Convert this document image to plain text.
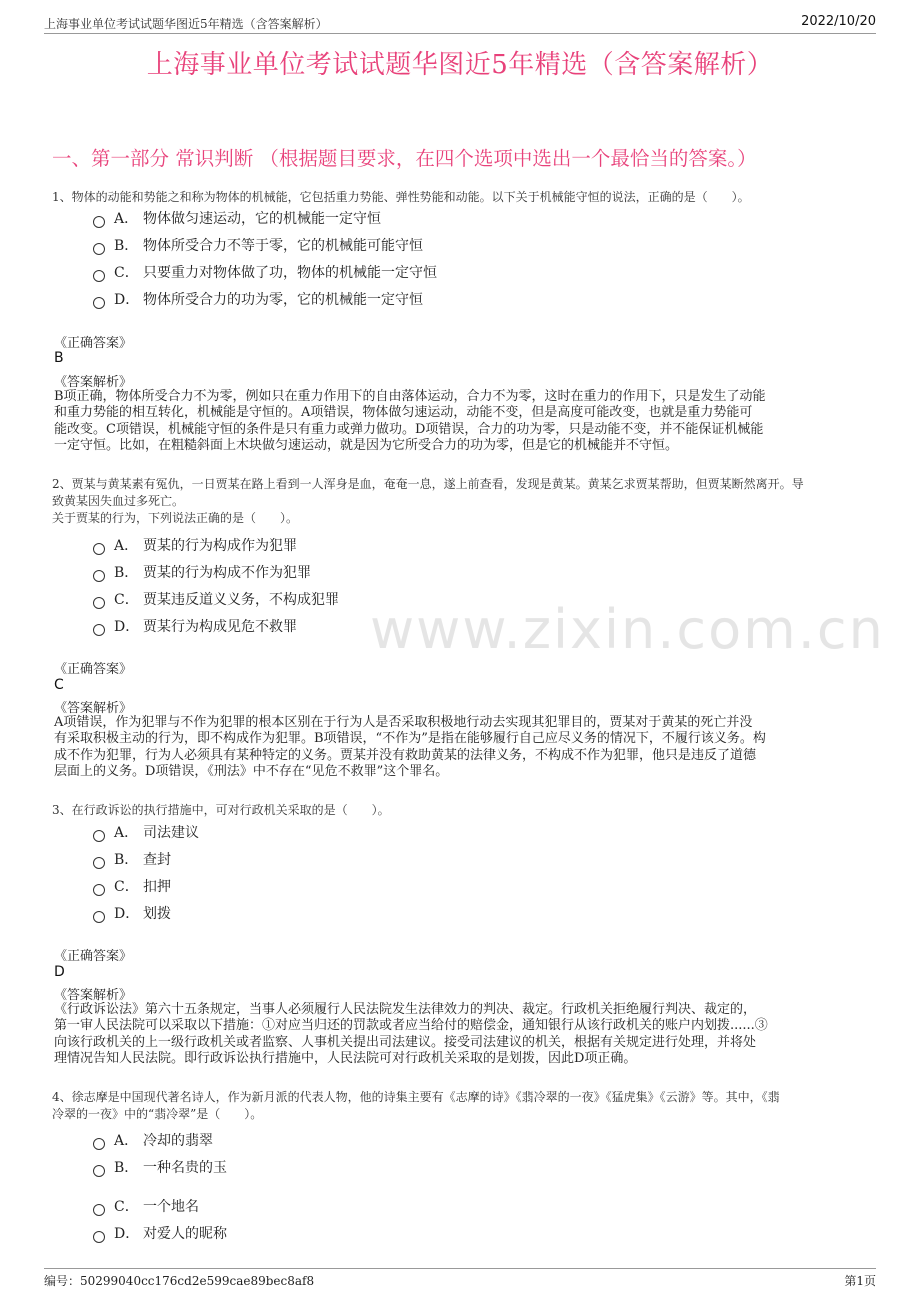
上海事业单位考试试题华图近5年精选（含答案解析）	2022/10/20
上海事业单位考试试题华图近5年精选（含答案解析）
一、第一部分 常识判断 （根据题目要求，在四个选项中选出一个最恰当的答案。）
www.zixin.com.cn
1、物体的动能和势能之和称为物体的机械能，它包括重力势能、弹性势能和动能。以下关于机械能守恒的说法，正确的是（　　）。
A． 物体做匀速运动，它的机械能一定守恒
B． 物体所受合力不等于零，它的机械能可能守恒
C． 只要重力对物体做了功，物体的机械能一定守恒
D． 物体所受合力的功为零，它的机械能一定守恒
《正确答案》
B
《答案解析》
B项正确，物体所受合力不为零，例如只在重力作用下的自由落体运动，合力不为零，这时在重力的作用下，只是发生了动能
和重力势能的相互转化，机械能是守恒的。A项错误，物体做匀速运动，动能不变，但是高度可能改变，也就是重力势能可
能改变。C项错误，机械能守恒的条件是只有重力或弹力做功。D项错误，合力的功为零，只是动能不变，并不能保证机械能
一定守恒。比如，在粗糙斜面上木块做匀速运动，就是因为它所受合力的功为零，但是它的机械能并不守恒。
2、贾某与黄某素有冤仇，一日贾某在路上看到一人浑身是血，奄奄一息，遂上前查看，发现是黄某。黄某乞求贾某帮助，但贾某断然离开。导
致黄某因失血过多死亡。
关于贾某的行为，下列说法正确的是（　　）。
A． 贾某的行为构成作为犯罪
B． 贾某的行为构成不作为犯罪
C． 贾某违反道义义务，不构成犯罪
D． 贾某行为构成见危不救罪
《正确答案》
C
《答案解析》
A项错误，作为犯罪与不作为犯罪的根本区别在于行为人是否采取积极地行动去实现其犯罪目的，贾某对于黄某的死亡并没
有采取积极主动的行为，即不构成作为犯罪。B项错误，“不作为”是指在能够履行自己应尽义务的情况下，不履行该义务。构
成不作为犯罪，行为人必须具有某种特定的义务。贾某并没有救助黄某的法律义务，不构成不作为犯罪，他只是违反了道德
层面上的义务。D项错误，《刑法》中不存在“见危不救罪”这个罪名。
3、在行政诉讼的执行措施中，可对行政机关采取的是（　　）。
A． 司法建议
B． 查封
C． 扣押
D． 划拨
《正确答案》
D
《答案解析》
《行政诉讼法》第六十五条规定，当事人必须履行人民法院发生法律效力的判决、裁定。行政机关拒绝履行判决、裁定的，
第一审人民法院可以采取以下措施：①对应当归还的罚款或者应当给付的赔偿金，通知银行从该行政机关的账户内划拨......③
向该行政机关的上一级行政机关或者监察、人事机关提出司法建议。接受司法建议的机关，根据有关规定进行处理，并将处
理情况告知人民法院。即行政诉讼执行措施中，人民法院可对行政机关采取的是划拨，因此D项正确。
4、徐志摩是中国现代著名诗人，作为新月派的代表人物，他的诗集主要有《志摩的诗》《翡冷翠的一夜》《猛虎集》《云游》等。其中，《翡
冷翠的一夜》中的“翡冷翠”是（　　）。
A． 冷却的翡翠
B． 一种名贵的玉
C． 一个地名
D． 对爱人的昵称
编号：50299040cc176cd2e599cae89bec8af8	第1页
